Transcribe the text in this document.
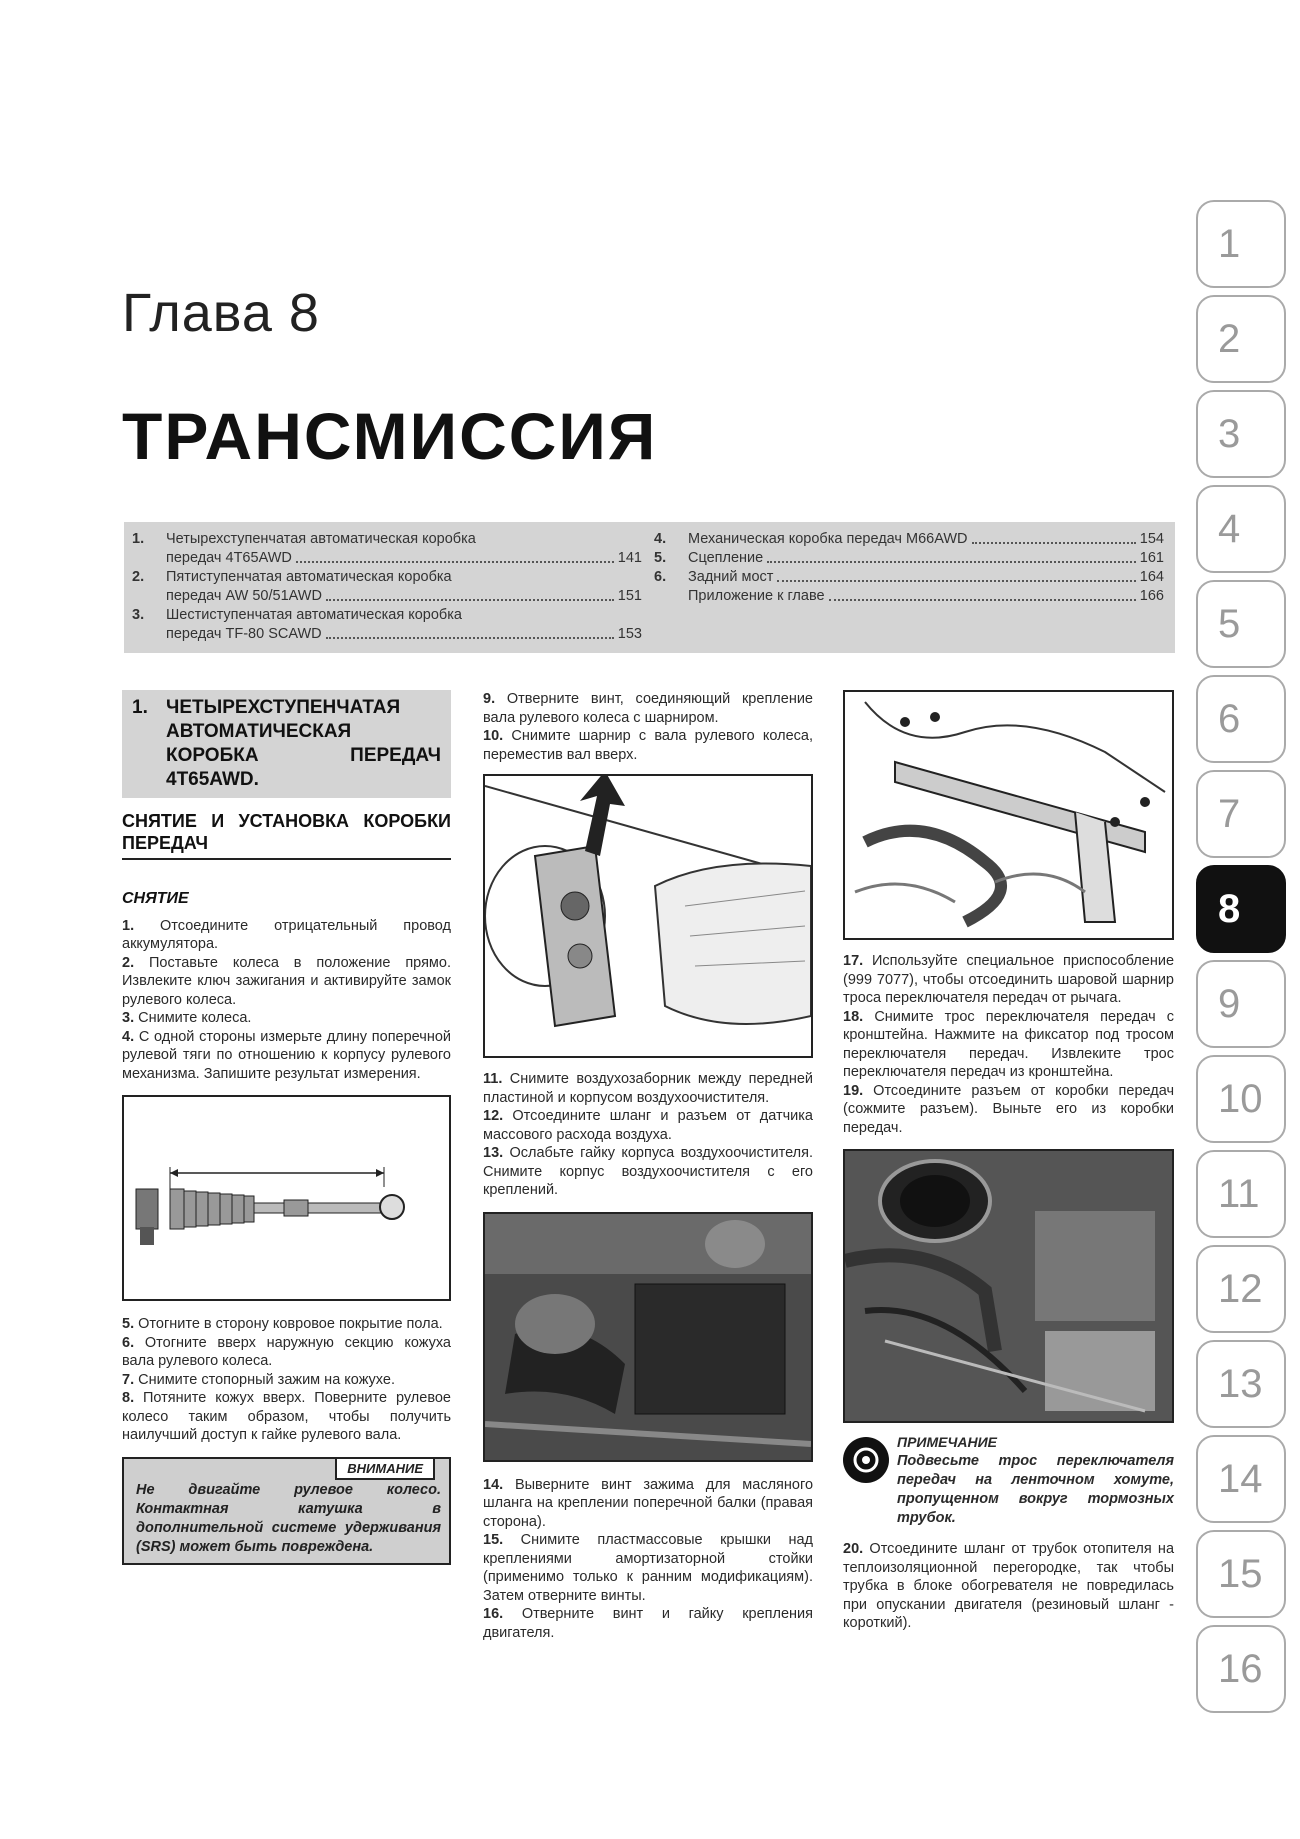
Глава 8
ТРАНСМИССИЯ
1.	Четырехступенчатая автоматическая коробка
передач 4T65AWD	141
2.	Пятиступенчатая автоматическая коробка
передач AW 50/51AWD	151
3.	Шестиступенчатая автоматическая коробка
передач TF-80 SCAWD	153
4.	Механическая коробка передач M66AWD	154
5.	Сцепление	161
6.	Задний мост	164
Приложение к главе	166
1. ЧЕТЫРЕХСТУПЕНЧАТАЯ АВТОМАТИЧЕСКАЯ КОРОБКА ПЕРЕДАЧ 4T65AWD.
СНЯТИЕ И УСТАНОВКА КОРОБКИ ПЕРЕДАЧ
СНЯТИЕ

1. Отсоедините отрицательный провод аккумулятора.

2. Поставьте колеса в положение прямо. Извлеките ключ зажигания и активируйте замок рулевого колеса.

3. Снимите колеса.

4. С одной стороны измерьте длину поперечной рулевой тяги по отношению к корпусу рулевого механизма. Запишите результат измерения.

5. Отогните в сторону ковровое покрытие пола.

6. Отогните вверх наружную секцию кожуха вала рулевого колеса.

7. Снимите стопорный зажим на кожухе.

8. Потяните кожух вверх. Поверните рулевое колесо таким образом, чтобы получить наилучший доступ к гайке рулевого вала.

ВНИМАНИЕ
Не двигайте рулевое колесо. Контактная катушка в дополнительной системе удерживания (SRS) может быть повреждена.

9. Отверните винт, соединяющий крепление вала рулевого колеса с шарниром.

10. Снимите шарнир с вала рулевого колеса, переместив вал вверх.

11. Снимите воздухозаборник между передней пластиной и корпусом воздухоочистителя.

12. Отсоедините шланг и разъем от датчика массового расхода воздуха.

13. Ослабьте гайку корпуса воздухоочистителя. Снимите корпус воздухоочистителя с его креплений.

14. Выверните винт зажима для масляного шланга на креплении поперечной балки (правая сторона).

15. Снимите пластмассовые крышки над креплениями амортизаторной стойки (применимо только к ранним модификациям). Затем отверните винты.

16. Отверните винт и гайку крепления двигателя.

17. Используйте специальное приспособление (999 7077), чтобы отсоединить шаровой шарнир троса переключателя передач от рычага.

18. Снимите трос переключателя передач с кронштейна. Нажмите на фиксатор под тросом переключателя передач. Извлеките трос переключателя передач из кронштейна.

19. Отсоедините разъем от коробки передач (сожмите разъем). Выньте его из коробки передач.

ПРИМЕЧАНИЕ
Подвесьте трос переключателя передач на ленточном хомуте, пропущенном вокруг тормозных трубок.

20. Отсоедините шланг от трубок отопителя на теплоизоляционной перегородке, так чтобы трубка в блоке обогревателя не повредилась при опускании двигателя (резиновый шланг - короткий).

1
2
3
4
5
6
7
8
9
10
11
12
13
14
15
16
